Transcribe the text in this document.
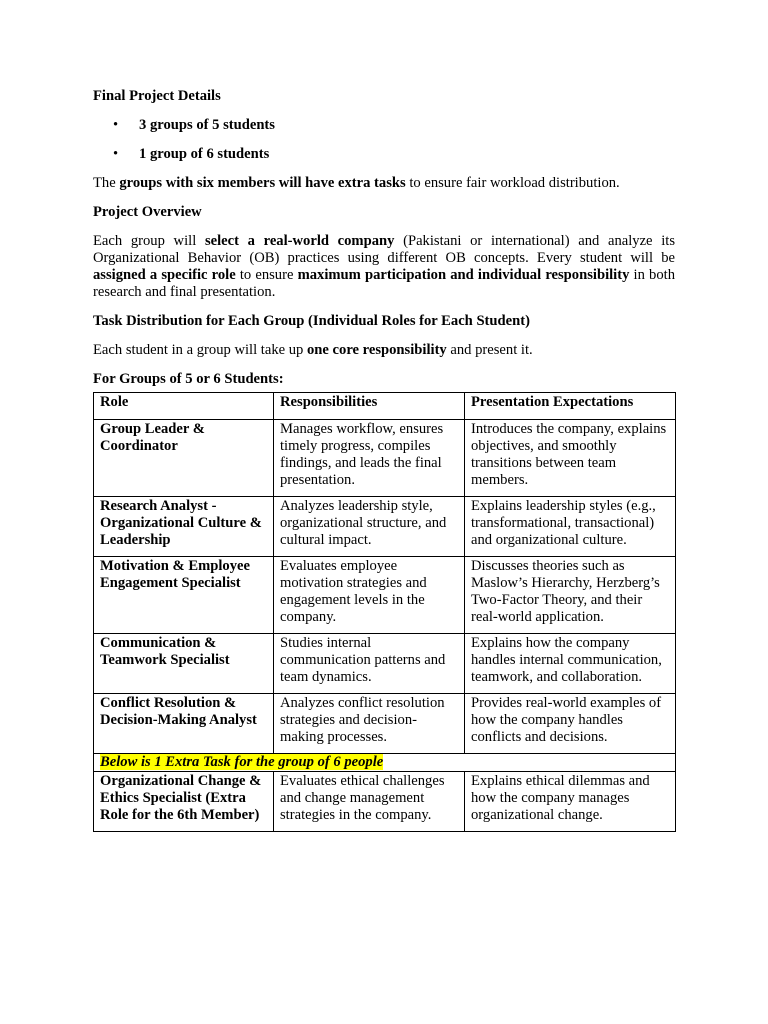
Final Project Details

• 3 groups of 5 students
• 1 group of 6 students

The groups with six members will have extra tasks to ensure fair workload distribution.

Project Overview

Each group will select a real-world company (Pakistani or international) and analyze its Organizational Behavior (OB) practices using different OB concepts. Every student will be assigned a specific role to ensure maximum participation and individual responsibility in both research and final presentation.

Task Distribution for Each Group (Individual Roles for Each Student)

Each student in a group will take up one core responsibility and present it.

For Groups of 5 or 6 Students:

Role	Responsibilities	Presentation Expectations
Group Leader & Coordinator	Manages workflow, ensures timely progress, compiles findings, and leads the final presentation.	Introduces the company, explains objectives, and smoothly transitions between team members.
Research Analyst - Organizational Culture & Leadership	Analyzes leadership style, organizational structure, and cultural impact.	Explains leadership styles (e.g., transformational, transactional) and organizational culture.
Motivation & Employee Engagement Specialist	Evaluates employee motivation strategies and engagement levels in the company.	Discusses theories such as Maslow’s Hierarchy, Herzberg’s Two-Factor Theory, and their real-world application.
Communication & Teamwork Specialist	Studies internal communication patterns and team dynamics.	Explains how the company handles internal communication, teamwork, and collaboration.
Conflict Resolution & Decision-Making Analyst	Analyzes conflict resolution strategies and decision-making processes.	Provides real-world examples of how the company handles conflicts and decisions.
Below is 1 Extra Task for the group of 6 people		
Organizational Change & Ethics Specialist (Extra Role for the 6th Member)	Evaluates ethical challenges and change management strategies in the company.	Explains ethical dilemmas and how the company manages organizational change.
